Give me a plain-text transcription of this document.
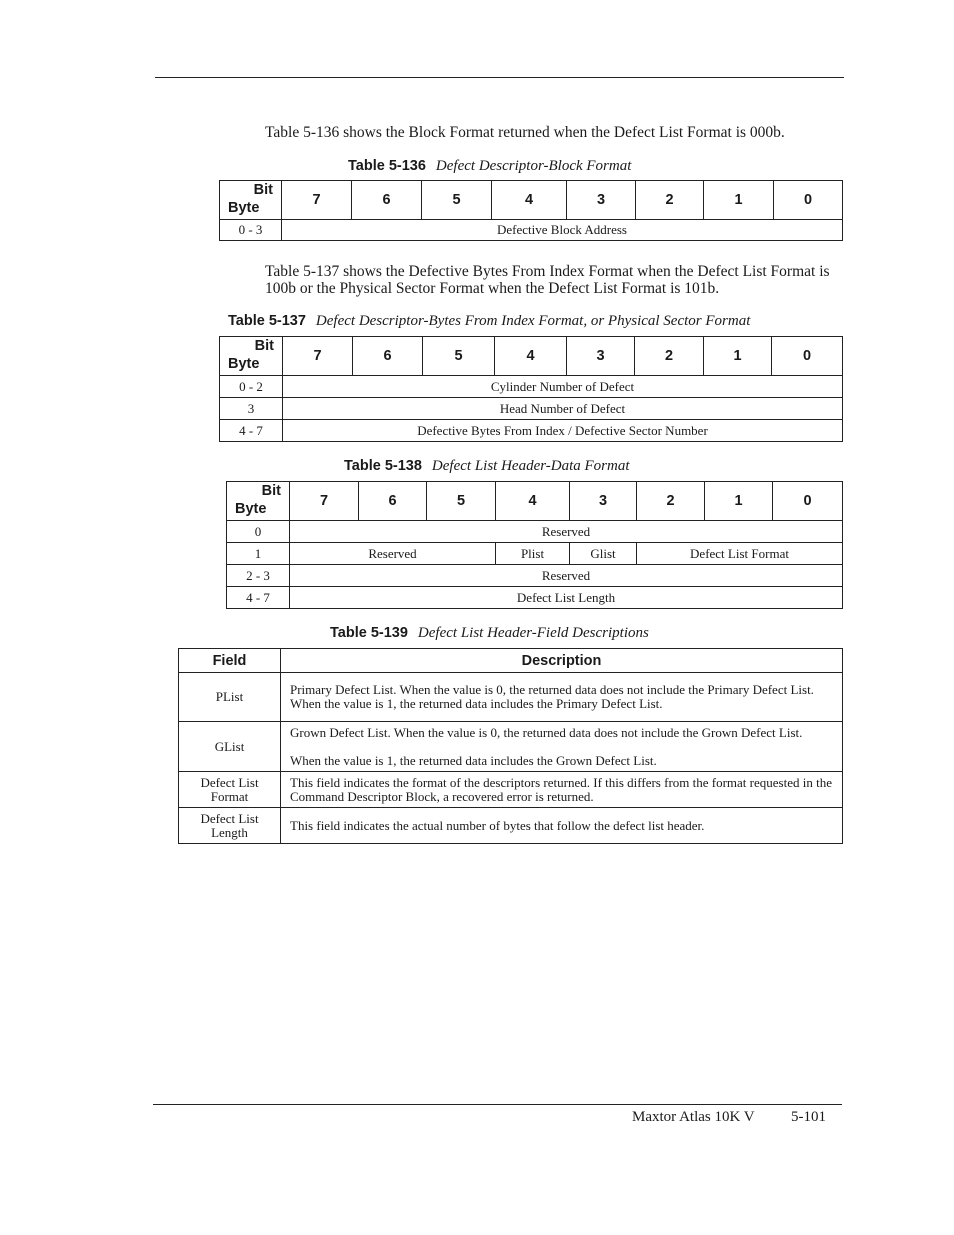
Table 5-136 shows the Block Format returned when the Defect List Format is 000b.
Table 5-136 Defect Descriptor-Block Format
Bit
Byte	7	6	5	4	3	2	1	0
0 - 3	Defective Block Address							
Table 5-137 shows the Defective Bytes From Index Format when the Defect List Format is 100b or the Physical Sector Format when the Defect List Format is 101b.
Table 5-137 Defect Descriptor-Bytes From Index Format, or Physical Sector Format
Bit
Byte	7	6	5	4	3	2	1	0
0 - 2	Cylinder Number of Defect							
3	Head Number of Defect							
4 - 7	Defective Bytes From Index / Defective Sector Number							
Table 5-138 Defect List Header-Data Format
Bit
Byte	7	6	5	4	3	2	1	0
0	Reserved							
1	Reserved			Plist	Glist	Defect List Format		
2 - 3	Reserved							
4 - 7	Defect List Length							
Table 5-139 Defect List Header-Field Descriptions
Field	Description
PList	Primary Defect List. When the value is 0, the returned data does not include the Primary Defect List.
When the value is 1, the returned data includes the Primary Defect List.

GList	Grown Defect List. When the value is 0, the returned data does not include the Grown Defect List.
When the value is 1, the returned data includes the Grown Defect List.

Defect List Format	This field indicates the format of the descriptors returned. If this differs from the format requested in the Command Descriptor Block, a recovered error is returned.
Defect List Length	This field indicates the actual number of bytes that follow the defect list header.
Maxtor Atlas 10K V 5-101
